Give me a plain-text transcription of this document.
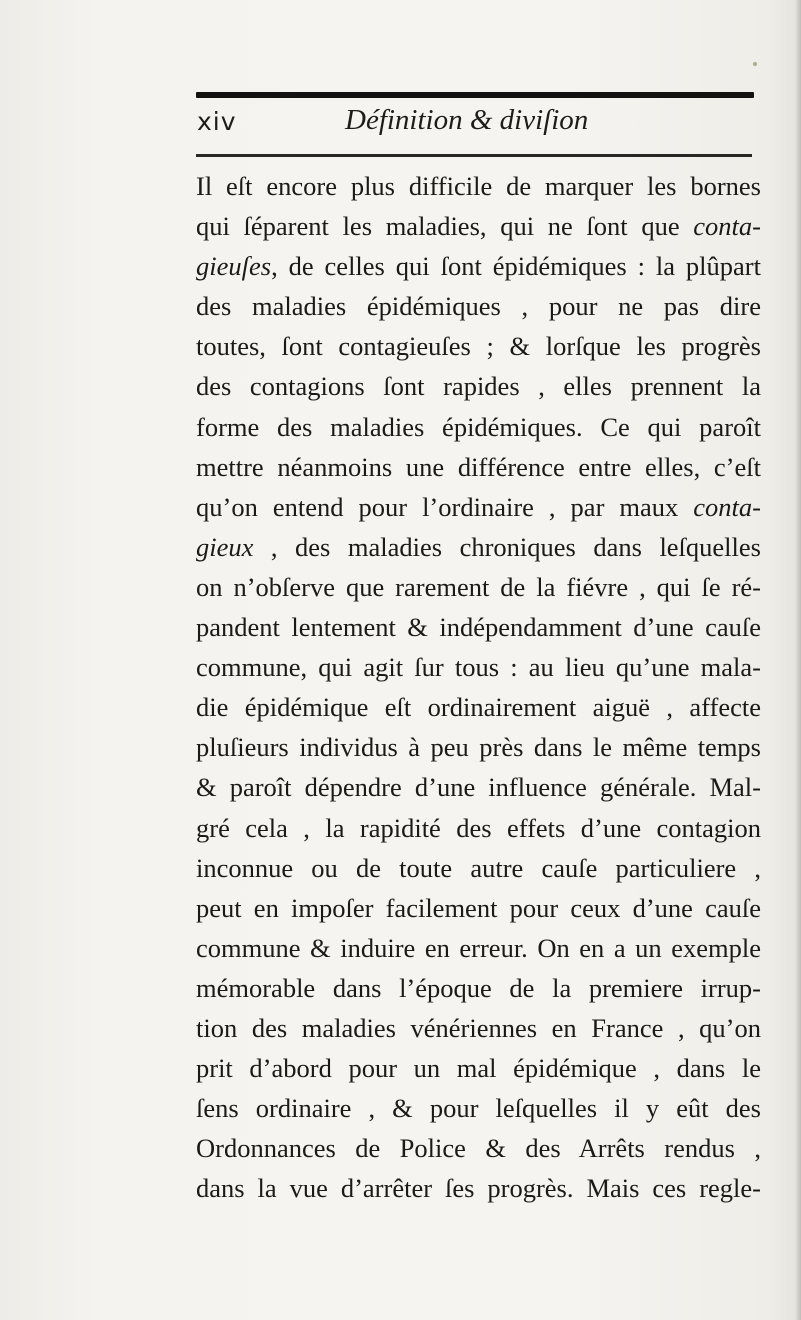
xiv	Définition & diviſion
Il eſt encore plus difficile de marquer les bornes
qui ſéparent les maladies, qui ne ſont que conta-
gieuſes, de celles qui ſont épidémiques : la plûpart
des maladies épidémiques , pour ne pas dire
toutes, ſont contagieuſes ; & lorſque les progrès
des contagions ſont rapides , elles prennent la
forme des maladies épidémiques. Ce qui paroît
mettre néanmoins une différence entre elles, c’eſt
qu’on entend pour l’ordinaire , par maux conta-
gieux , des maladies chroniques dans leſquelles
on n’obſerve que rarement de la fiévre , qui ſe ré-
pandent lentement & indépendamment d’une cauſe
commune, qui agit ſur tous : au lieu qu’une mala-
die épidémique eſt ordinairement aiguë , affecte
pluſieurs individus à peu près dans le même temps
& paroît dépendre d’une influence générale. Mal-
gré cela , la rapidité des effets d’une contagion
inconnue ou de toute autre cauſe particuliere ,
peut en impoſer facilement pour ceux d’une cauſe
commune & induire en erreur. On en a un exemple
mémorable dans l’époque de la premiere irrup-
tion des maladies vénériennes en France , qu’on
prit d’abord pour un mal épidémique , dans le
ſens ordinaire , & pour leſquelles il y eût des
Ordonnances de Police & des Arrêts rendus ,
dans la vue d’arrêter ſes progrès. Mais ces regle-
